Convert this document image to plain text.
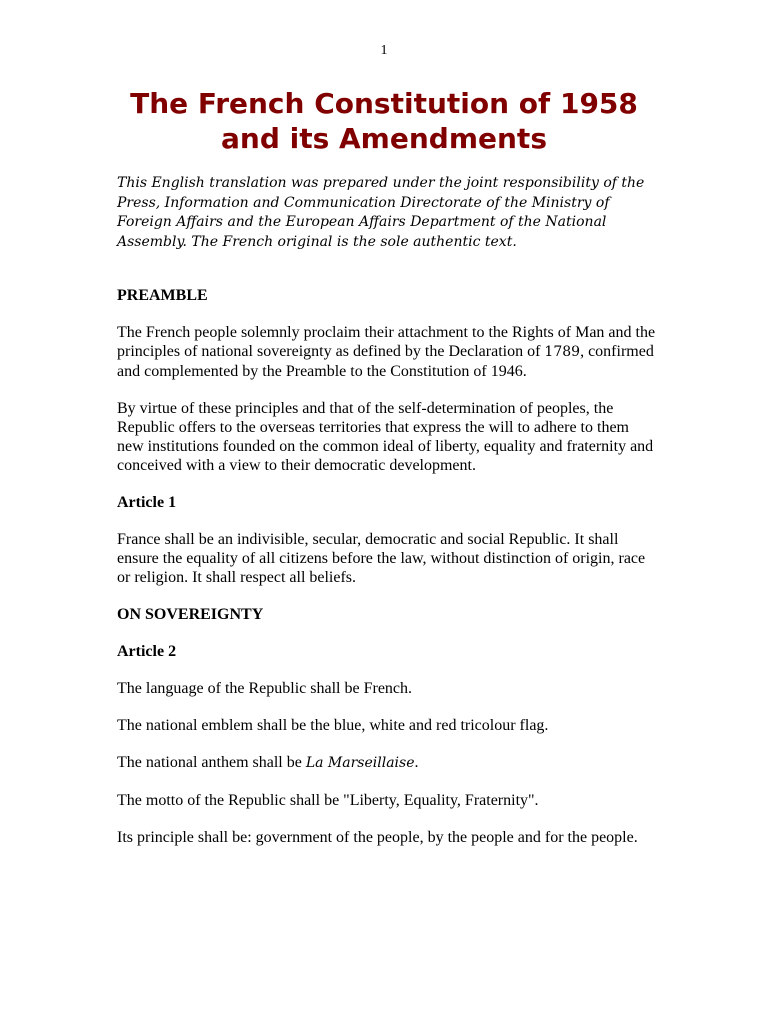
1
The French Constitution of 1958 and its Amendments

This English translation was prepared under the joint responsibility of the Press, Information and Communication Directorate of the Ministry of Foreign Affairs and the European Affairs Department of the National Assembly. The French original is the sole authentic text.

PREAMBLE

The French people solemnly proclaim their attachment to the Rights of Man and the principles of national sovereignty as defined by the Declaration of 1789, confirmed and complemented by the Preamble to the Constitution of 1946.

By virtue of these principles and that of the self-determination of peoples, the Republic offers to the overseas territories that express the will to adhere to them new institutions founded on the common ideal of liberty, equality and fraternity and conceived with a view to their democratic development.

Article 1

France shall be an indivisible, secular, democratic and social Republic. It shall ensure the equality of all citizens before the law, without distinction of origin, race or religion. It shall respect all beliefs.

ON SOVEREIGNTY
Article 2

The language of the Republic shall be French.

The national emblem shall be the blue, white and red tricolour flag.

The national anthem shall be La Marseillaise.

The motto of the Republic shall be "Liberty, Equality, Fraternity".

Its principle shall be: government of the people, by the people and for the people.
